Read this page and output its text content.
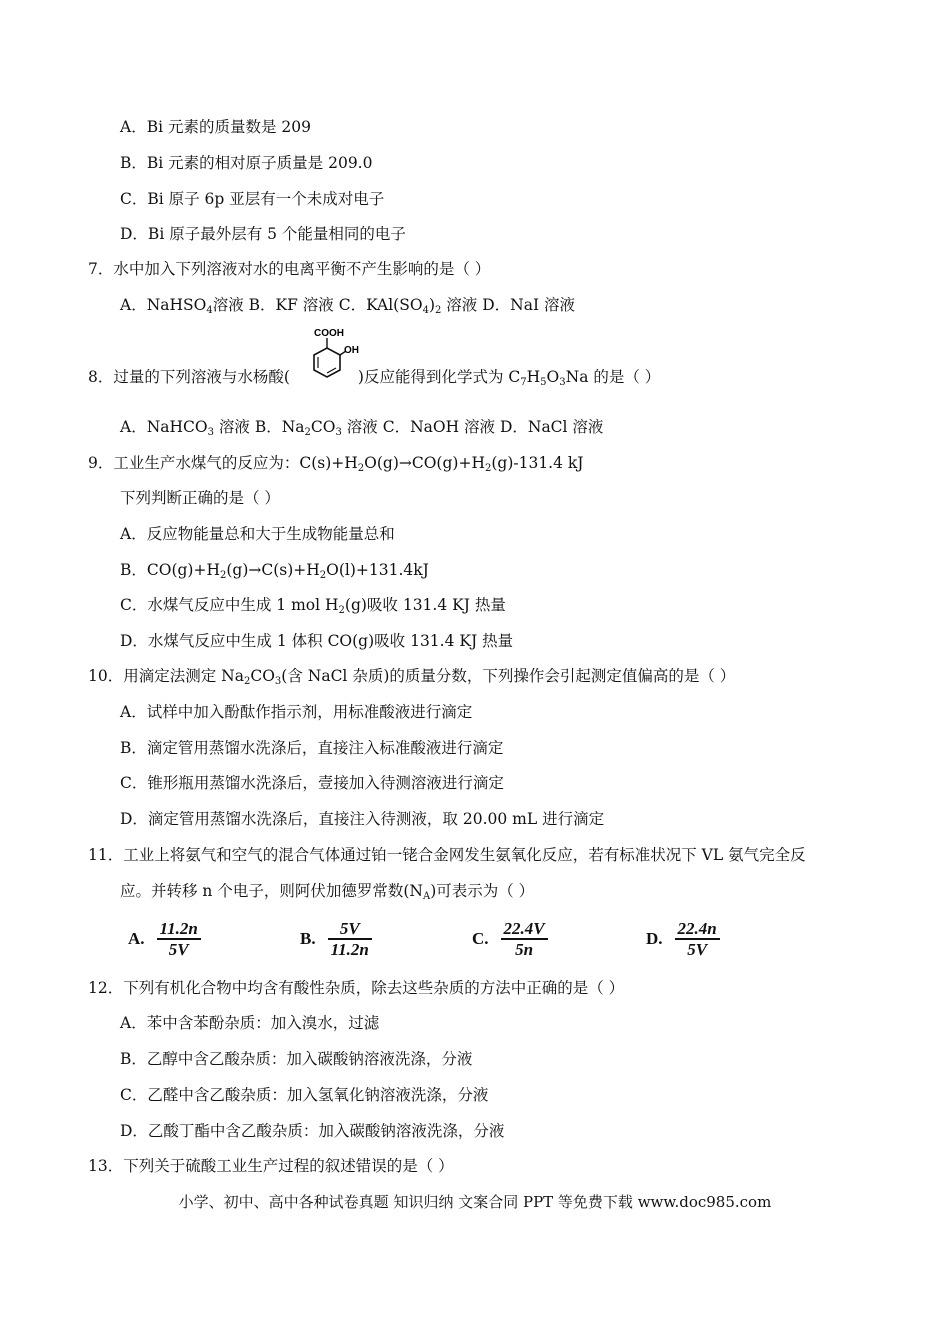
A．Bi 元素的质量数是 209
B．Bi 元素的相对原子质量是 209.0
C．Bi 原子 6p 亚层有一个未成对电子
D．Bi 原子最外层有 5 个能量相同的电子
7．水中加入下列溶液对水的电离平衡不产生影响的是（ ）
A．NaHSO$_4$溶液 B．KF 溶液 C．$KAl(SO_4)_2$ 溶液 D．NaI 溶液
8．过量的下列溶液与水杨酸(	)反应能得到化学式为 $C_7H_5O_3Na$ 的是（ ）
COOH
OH
A．NaHCO$_3$ 溶液 B．$Na_2CO_3$ 溶液 C．NaOH 溶液 D．NaCl 溶液
9．工业生产水煤气的反应为：$C(s)+H_2O(g)\to CO(g)+H_2(g)-131.4$ kJ
下列判断正确的是（ ）
A．反应物能量总和大于生成物能量总和
B．$CO(g)+H_2(g)\to C(s)+H_2O(l)+131.4kJ$
C．水煤气反应中生成 1 mol $H_2(g)$吸收 131.4 KJ 热量
D．水煤气反应中生成 1 体积 CO(g)吸收 131.4 KJ 热量
10．用滴定法测定 $Na_2CO_3$(含 NaCl 杂质)的质量分数，下列操作会引起测定值偏高的是（ ）
A．试样中加入酚酞作指示剂，用标准酸液进行滴定
B．滴定管用蒸馏水洗涤后，直接注入标准酸液进行滴定
C．锥形瓶用蒸馏水洗涤后，壹接加入待测溶液进行滴定
D．滴定管用蒸馏水洗涤后，直接注入待测液，取 20.00 mL 进行滴定
11．工业上将氨气和空气的混合气体通过铂一铑合金网发生氨氧化反应，若有标准状况下 VL 氨气完全反
应。并转移 n 个电子，则阿伏加德罗常数$(N_A)$可表示为（ ）
A. $\frac{11.2n}{5V}$	B. $\frac{5V}{11.2n}$	C. $\frac{22.4V}{5n}$	D. $\frac{22.4n}{5V}$
12．下列有机化合物中均含有酸性杂质，除去这些杂质的方法中正确的是（ ）
A．苯中含苯酚杂质：加入溴水，过滤
B．乙醇中含乙酸杂质：加入碳酸钠溶液洗涤，分液
C．乙醛中含乙酸杂质：加入氢氧化钠溶液洗涤，分液
D．乙酸丁酯中含乙酸杂质：加入碳酸钠溶液洗涤，分液
13．下列关于硫酸工业生产过程的叙述错误的是（ ）
小学、初中、高中各种试卷真题 知识归纳 文案合同 PPT 等免费下载 www.doc985.com
